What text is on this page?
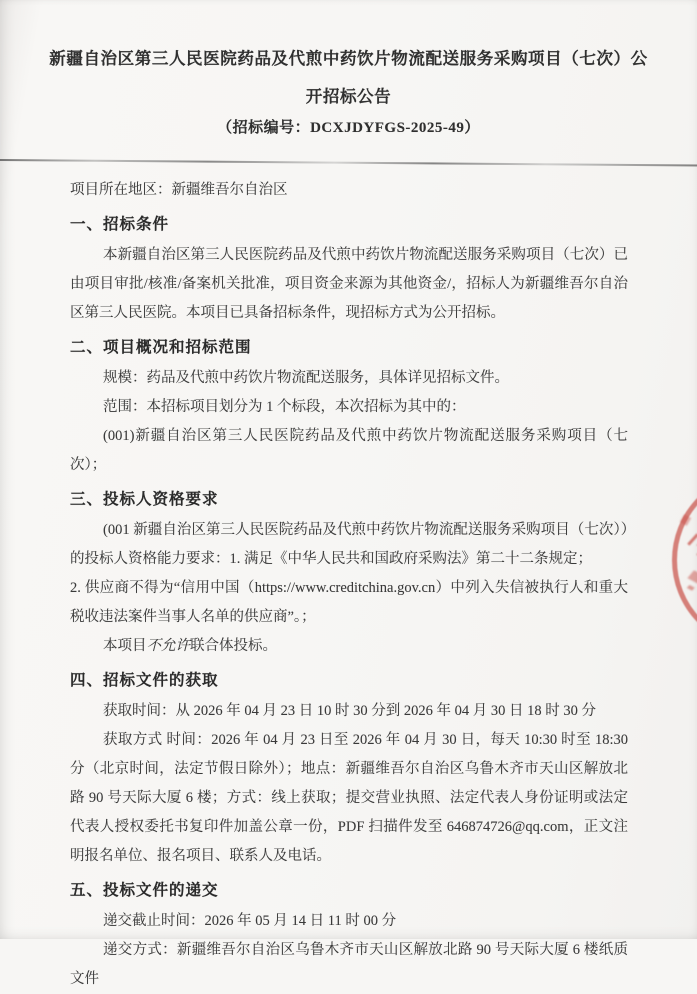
新疆自治区第三人民医院药品及代煎中药饮片物流配送服务采购项目（七次）公开招标公告
（招标编号：DCXJDYFGS-2025-49）

项目所在地区：新疆维吾尔自治区

一、招标条件

本新疆自治区第三人民医院药品及代煎中药饮片物流配送服务采购项目（七次）已由项目审批/核准/备案机关批准，项目资金来源为其他资金/，招标人为新疆维吾尔自治区第三人民医院。本项目已具备招标条件，现招标方式为公开招标。

二、项目概况和招标范围

规模：药品及代煎中药饮片物流配送服务，具体详见招标文件。

范围：本招标项目划分为 1 个标段，本次招标为其中的：

(001)新疆自治区第三人民医院药品及代煎中药饮片物流配送服务采购项目（七次）；

三、投标人资格要求

(001 新疆自治区第三人民医院药品及代煎中药饮片物流配送服务采购项目（七次））的投标人资格能力要求：1. 满足《中华人民共和国政府采购法》第二十二条规定；

2. 供应商不得为“信用中国（https://www.creditchina.gov.cn）中列入失信被执行人和重大税收违法案件当事人名单的供应商”。；

本项目不允许联合体投标。

四、招标文件的获取

获取时间：从 2026 年 04 月 23 日 10 时 30 分到 2026 年 04 月 30 日 18 时 30 分

获取方式 时间：2026 年 04 月 23 日至 2026 年 04 月 30 日，每天 10:30 时至 18:30 分（北京时间，法定节假日除外）；地点：新疆维吾尔自治区乌鲁木齐市天山区解放北路 90 号天际大厦 6 楼；方式：线上获取；提交营业执照、法定代表人身份证明或法定代表人授权委托书复印件加盖公章一份，PDF 扫描件发至 646874726@qq.com，正文注明报名单位、报名项目、联系人及电话。

五、投标文件的递交

递交截止时间：2026 年 05 月 14 日 11 时 00 分

递交方式：新疆维吾尔自治区乌鲁木齐市天山区解放北路 90 号天际大厦 6 楼纸质文件
